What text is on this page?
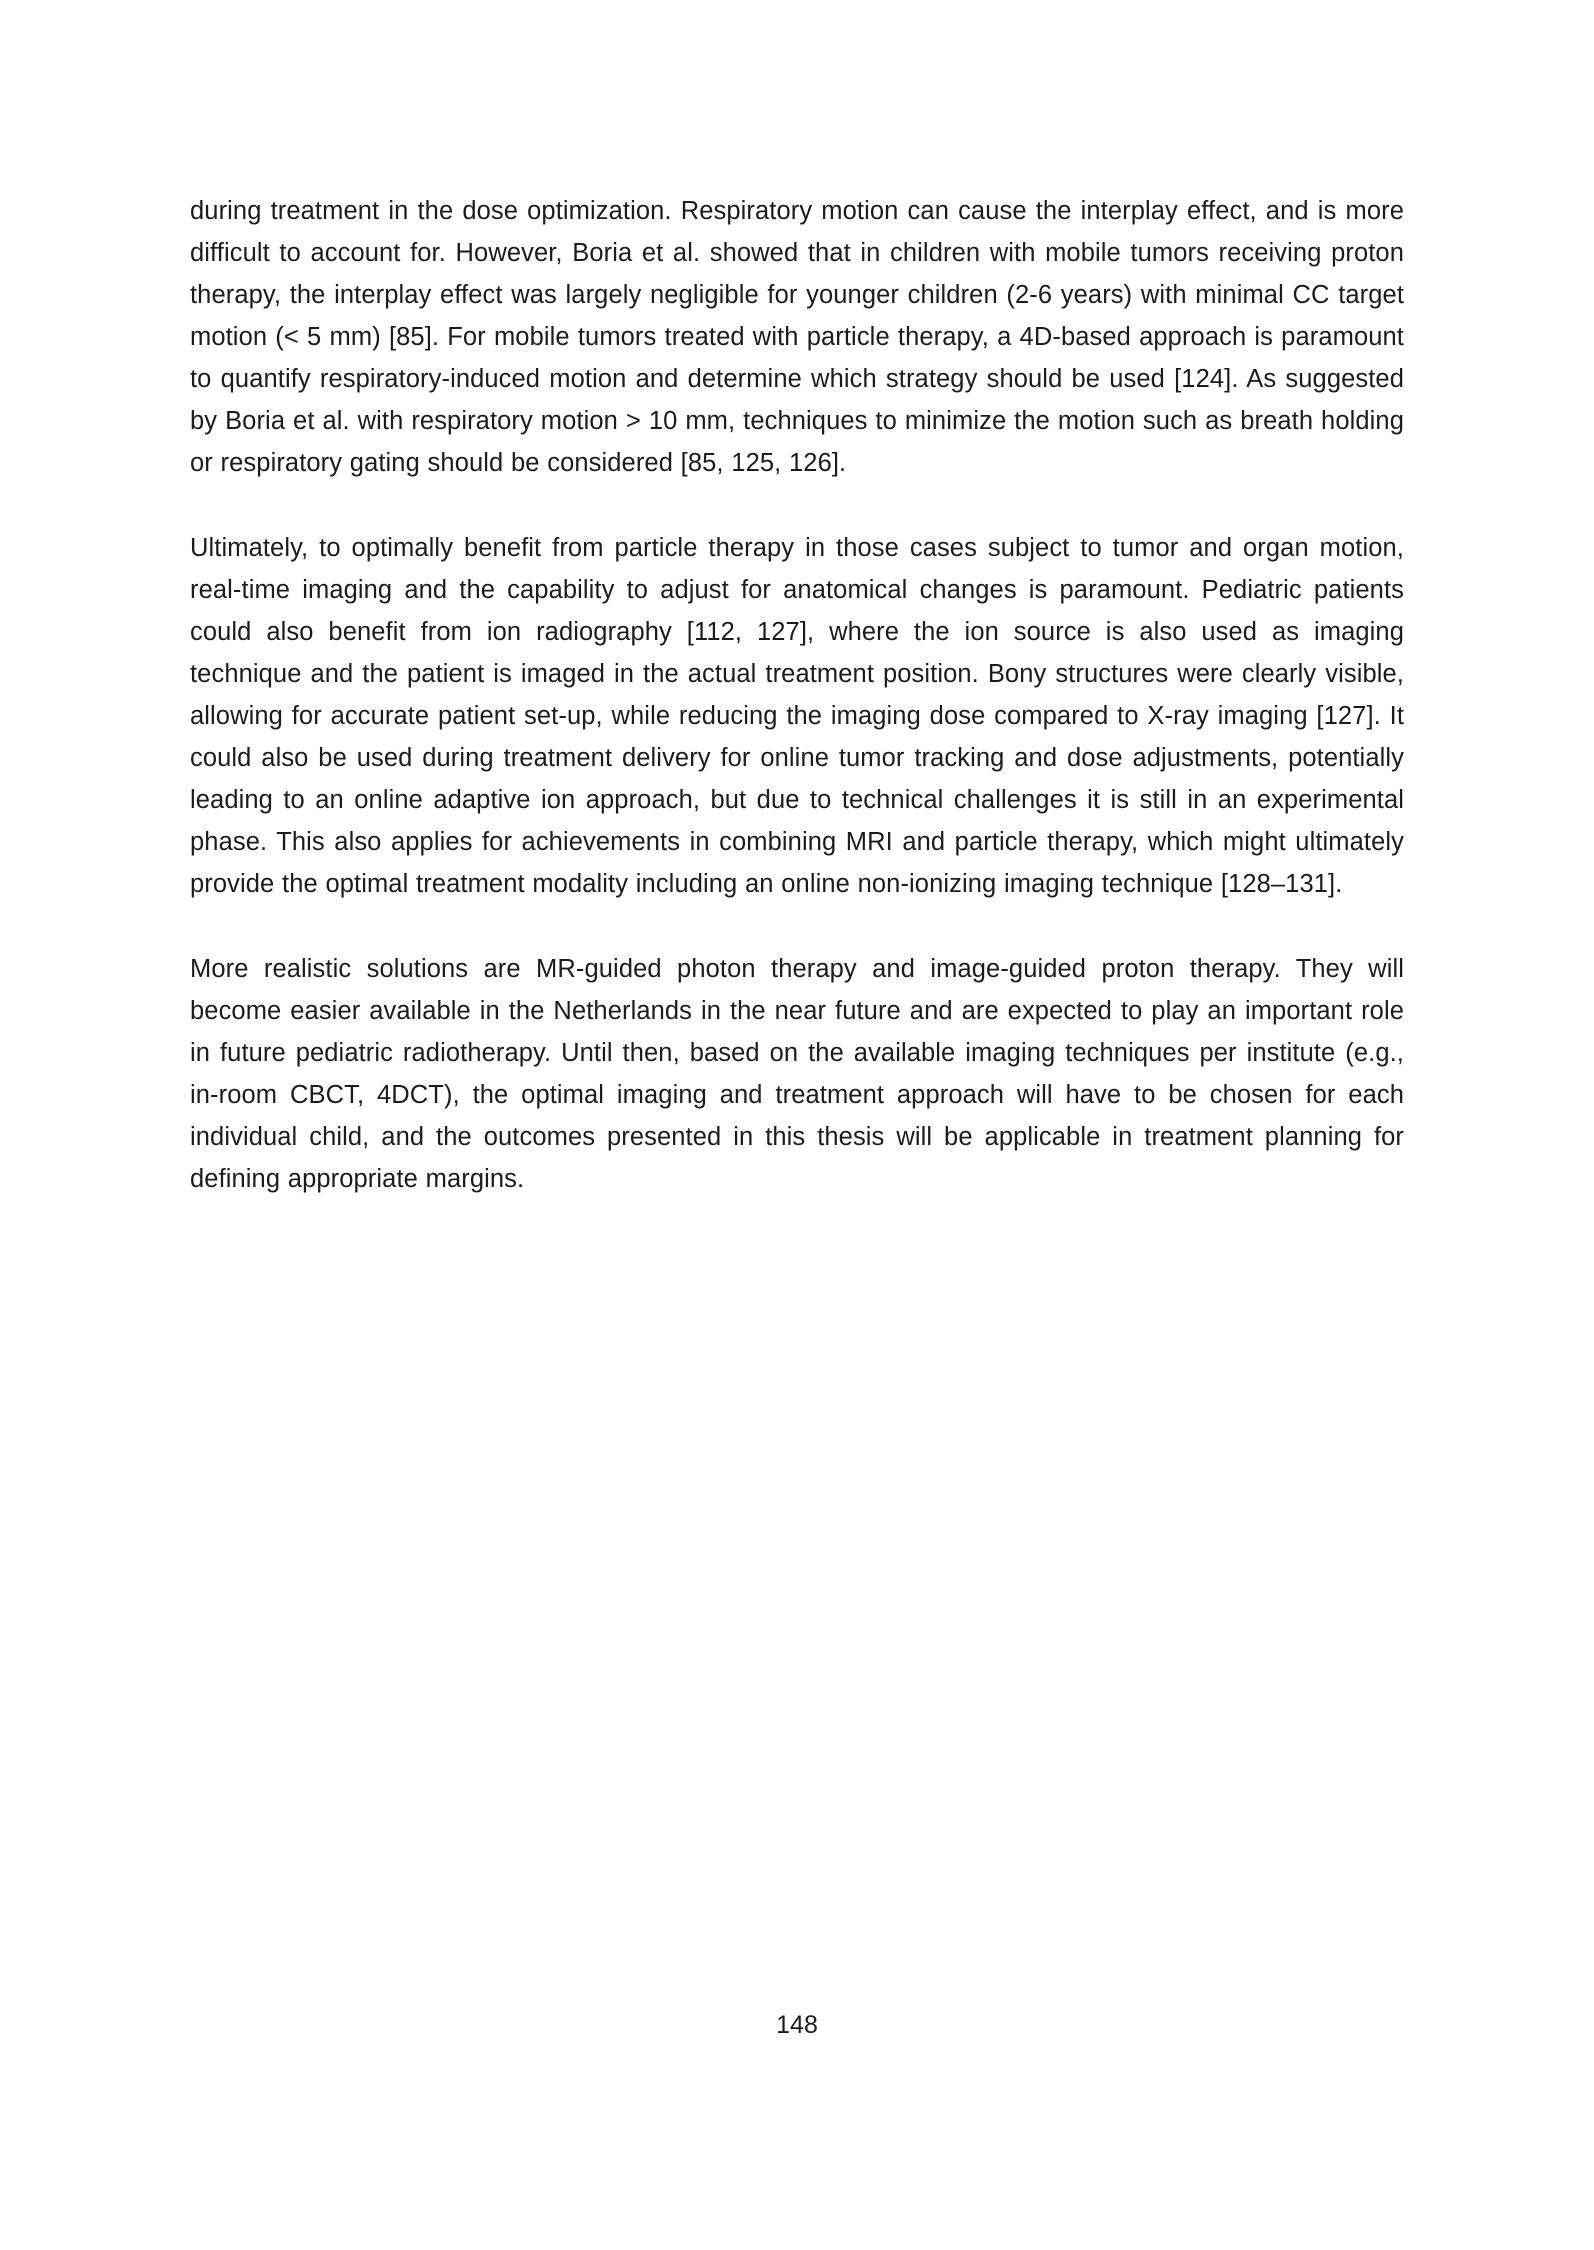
during treatment in the dose optimization. Respiratory motion can cause the interplay effect, and is more difficult to account for. However, Boria et al. showed that in children with mobile tumors receiving proton therapy, the interplay effect was largely negligible for younger children (2-6 years) with minimal CC target motion (< 5 mm) [85]. For mobile tumors treated with particle therapy, a 4D-based approach is paramount to quantify respiratory-induced motion and determine which strategy should be used [124]. As suggested by Boria et al. with respiratory motion > 10 mm, techniques to minimize the motion such as breath holding or respiratory gating should be considered [85, 125, 126].

Ultimately, to optimally benefit from particle therapy in those cases subject to tumor and organ motion, real-time imaging and the capability to adjust for anatomical changes is paramount. Pediatric patients could also benefit from ion radiography [112, 127], where the ion source is also used as imaging technique and the patient is imaged in the actual treatment position. Bony structures were clearly visible, allowing for accurate patient set-up, while reducing the imaging dose compared to X-ray imaging [127]. It could also be used during treatment delivery for online tumor tracking and dose adjustments, potentially leading to an online adaptive ion approach, but due to technical challenges it is still in an experimental phase. This also applies for achievements in combining MRI and particle therapy, which might ultimately provide the optimal treatment modality including an online non-ionizing imaging technique [128–131].

More realistic solutions are MR-guided photon therapy and image-guided proton therapy. They will become easier available in the Netherlands in the near future and are expected to play an important role in future pediatric radiotherapy. Until then, based on the available imaging techniques per institute (e.g., in-room CBCT, 4DCT), the optimal imaging and treatment approach will have to be chosen for each individual child, and the outcomes presented in this thesis will be applicable in treatment planning for defining appropriate margins.

148
